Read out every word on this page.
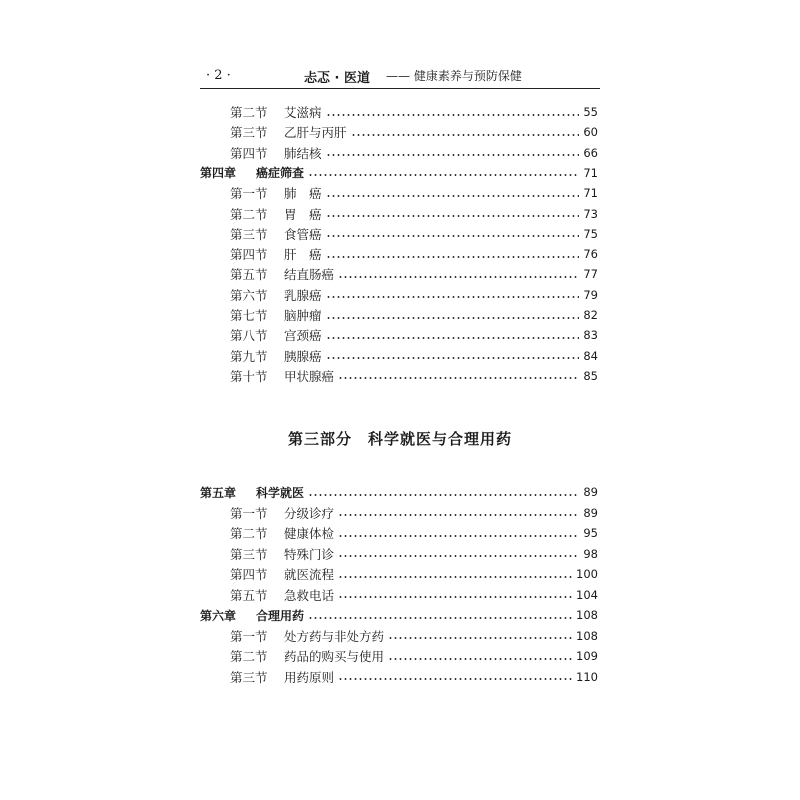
· 2 ·	忐忑 · 医道 —— 健康素养与预防保健
第二节	艾滋病	55
第三节	乙肝与丙肝	60
第四节	肺结核	66
第四章	癌症筛查	71
第一节	肺　癌	71
第二节	胃　癌	73
第三节	食管癌	75
第四节	肝　癌	76
第五节	结直肠癌	77
第六节	乳腺癌	79
第七节	脑肿瘤	82
第八节	宫颈癌	83
第九节	胰腺癌	84
第十节	甲状腺癌	85
第三部分　科学就医与合理用药
第五章	科学就医	89
第一节	分级诊疗	89
第二节	健康体检	95
第三节	特殊门诊	98
第四节	就医流程	100
第五节	急救电话	104
第六章	合理用药	108
第一节	处方药与非处方药	108
第二节	药品的购买与使用	109
第三节	用药原则	110
